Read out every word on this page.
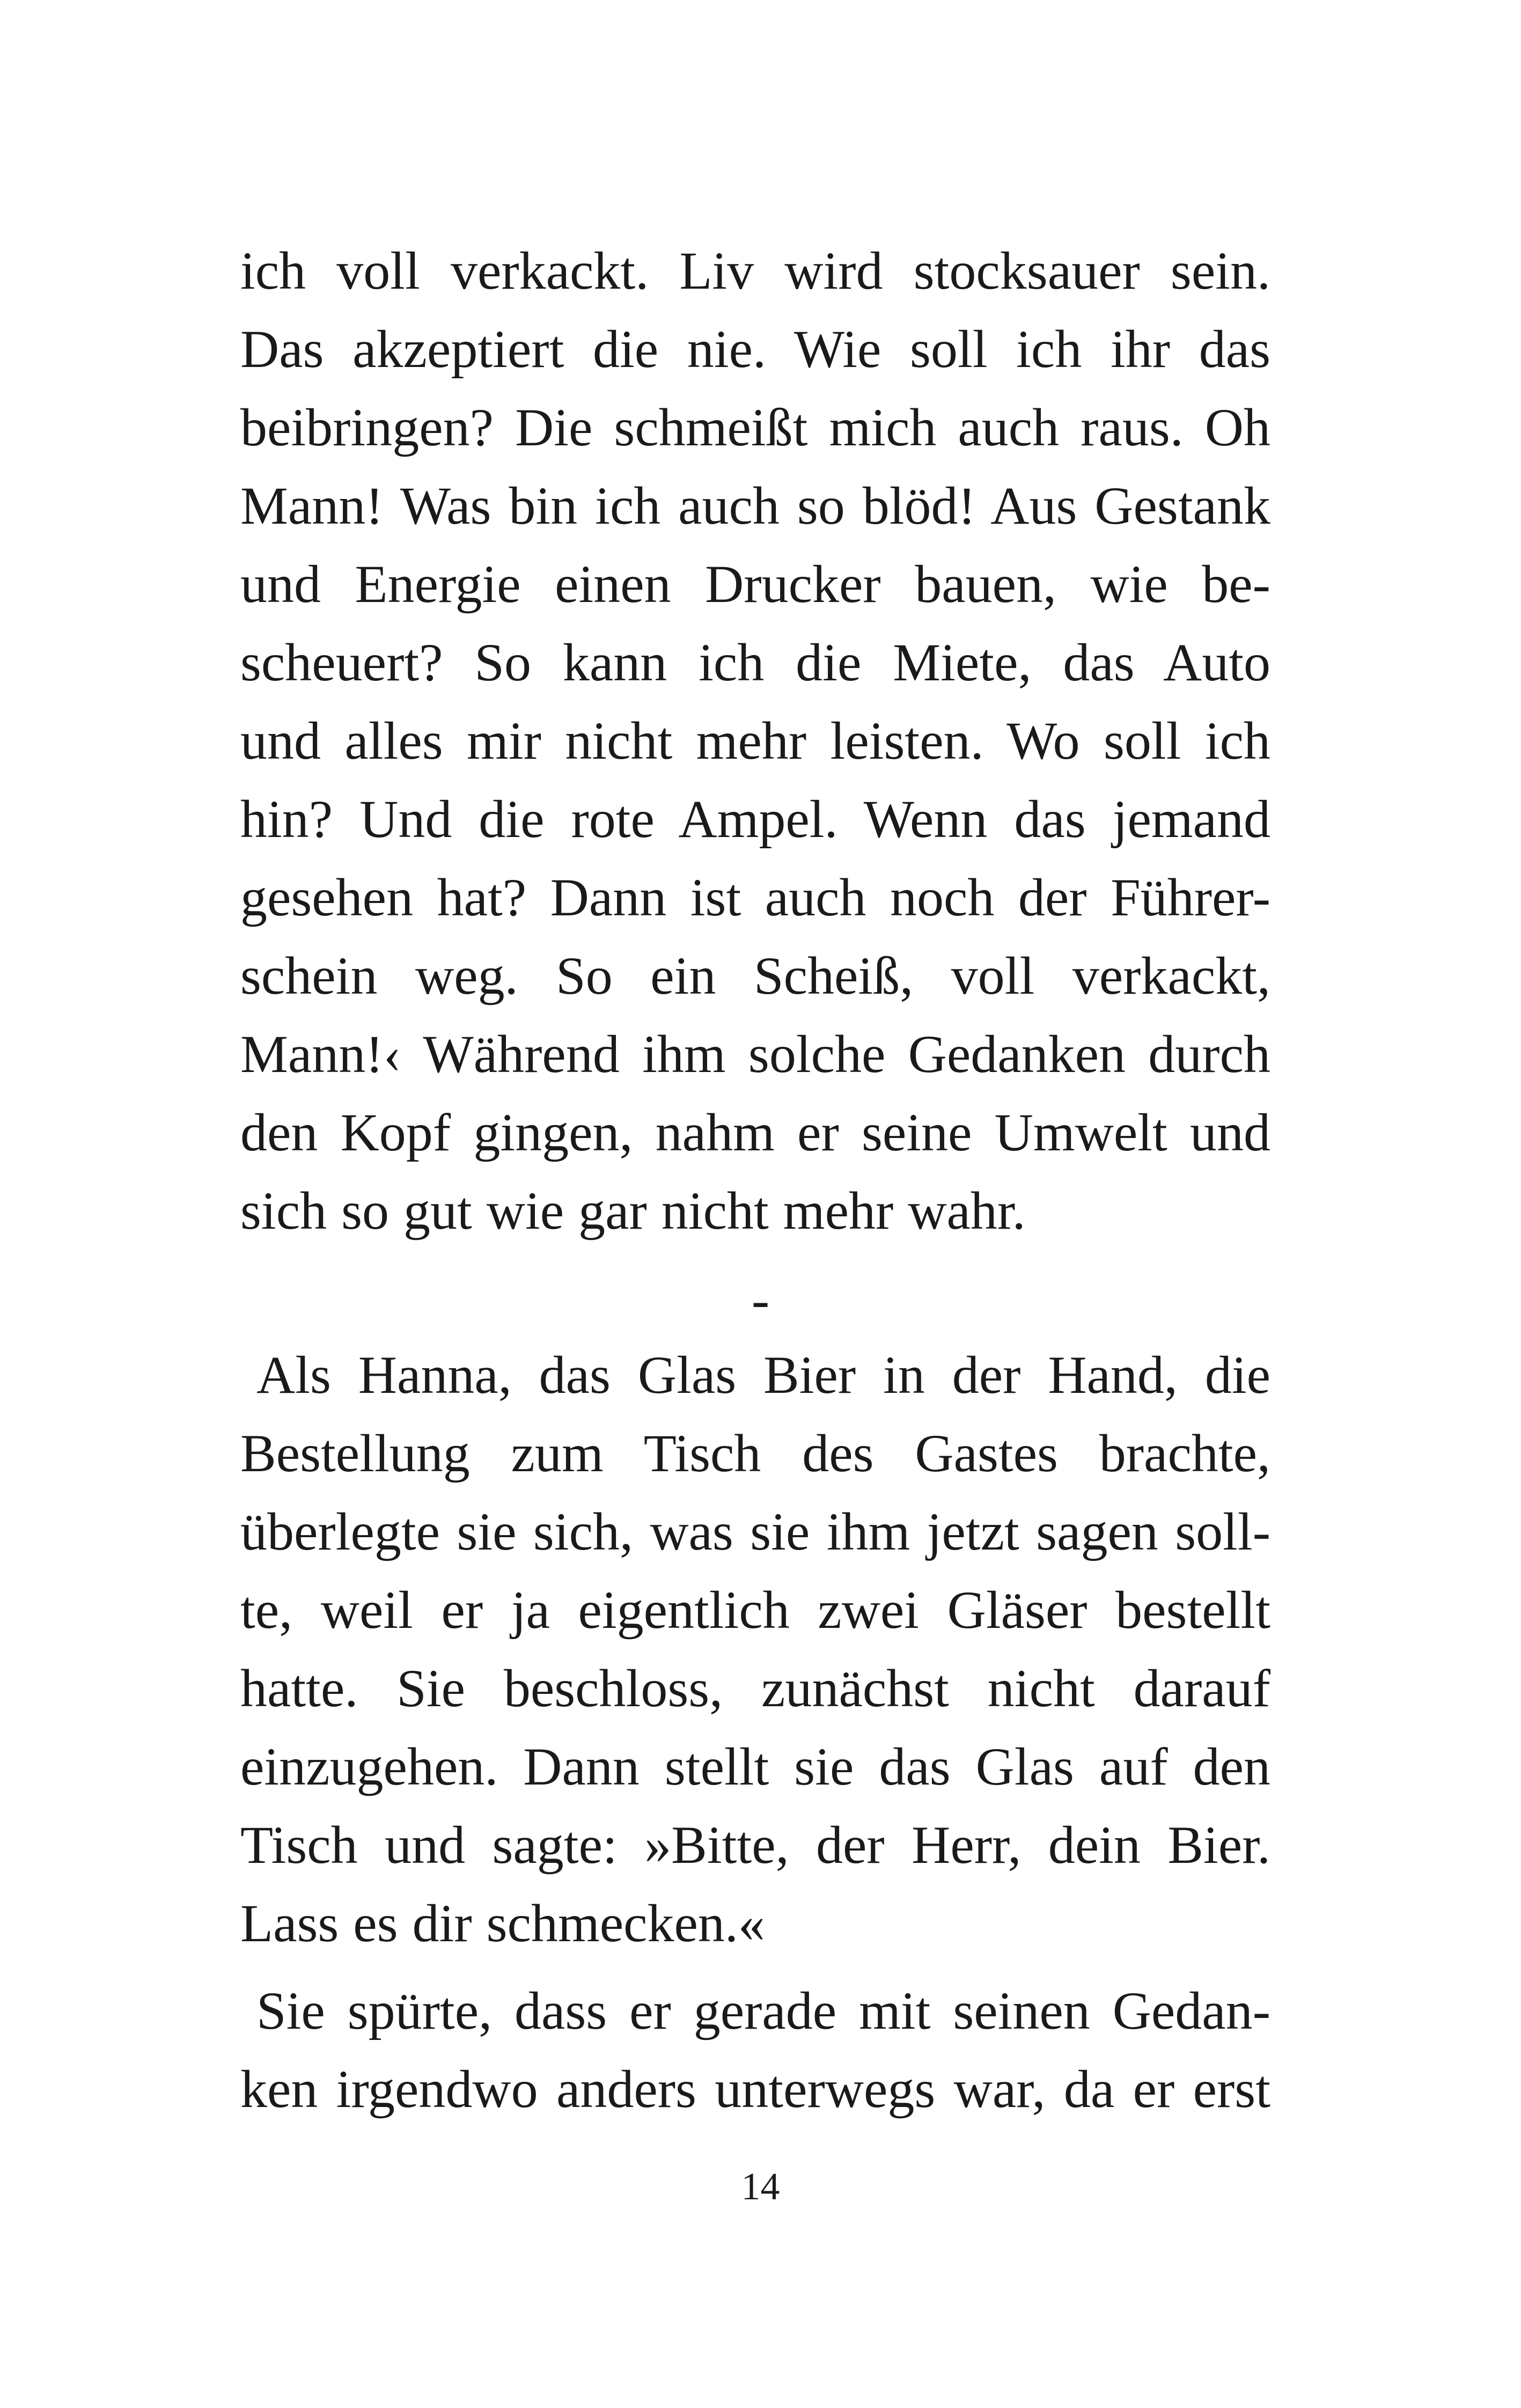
ich voll verkackt. Liv wird stocksauer sein.
Das akzeptiert die nie. Wie soll ich ihr das
beibringen? Die schmeißt mich auch raus. Oh
Mann! Was bin ich auch so blöd! Aus Gestank
und Energie einen Drucker bauen, wie be-
scheuert? So kann ich die Miete, das Auto
und alles mir nicht mehr leisten. Wo soll ich
hin? Und die rote Ampel. Wenn das jemand
gesehen hat? Dann ist auch noch der Führer-
schein weg. So ein Scheiß, voll verkackt,
Mann!‹ Während ihm solche Gedanken durch
den Kopf gingen, nahm er seine Umwelt und
sich so gut wie gar nicht mehr wahr.
-
Als Hanna, das Glas Bier in der Hand, die
Bestellung zum Tisch des Gastes brachte,
überlegte sie sich, was sie ihm jetzt sagen soll-
te, weil er ja eigentlich zwei Gläser bestellt
hatte. Sie beschloss, zunächst nicht darauf
einzugehen. Dann stellt sie das Glas auf den
Tisch und sagte: »Bitte, der Herr, dein Bier.
Lass es dir schmecken.«
Sie spürte, dass er gerade mit seinen Gedan-
ken irgendwo anders unterwegs war, da er erst
14
